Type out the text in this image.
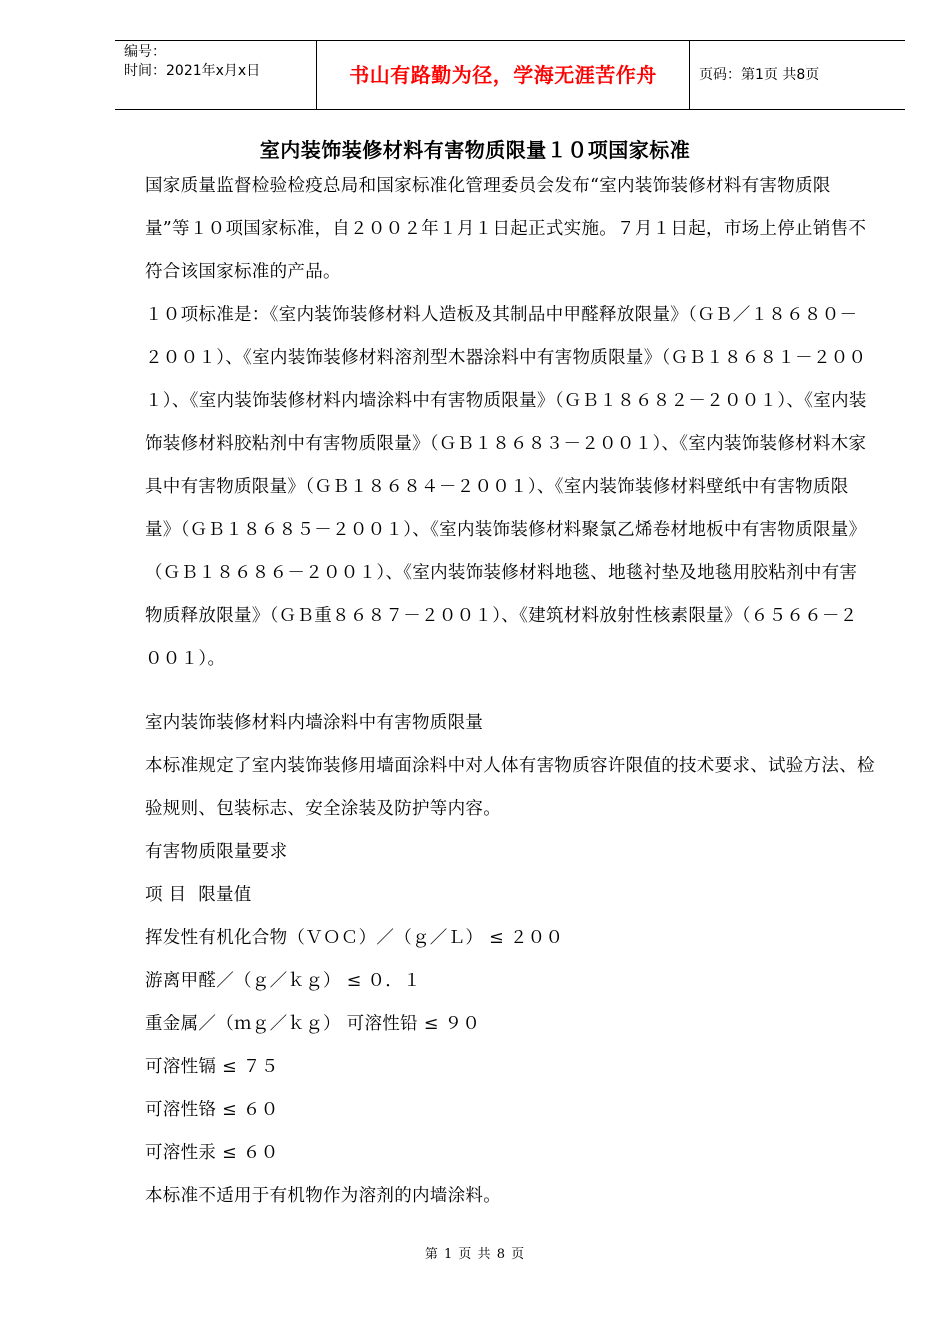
编号：
时间：2021年x月x日	书山有路勤为径，学海无涯苦作舟	页码：第1页 共8页
室内装饰装修材料有害物质限量１０项国家标准

国家质量监督检验检疫总局和国家标准化管理委员会发布“室内装饰装修材料有害物质限量”等１０项国家标准，自２００２年１月１日起正式实施。７月１日起，市场上停止销售不符合该国家标准的产品。

１０项标准是：《室内装饰装修材料人造板及其制品中甲醛释放限量》（ＧＢ／１８６８０－２００１）、《室内装饰装修材料溶剂型木器涂料中有害物质限量》（ＧＢ１８６８１－２００１）、《室内装饰装修材料内墙涂料中有害物质限量》（ＧＢ１８６８２－２００１）、《室内装饰装修材料胶粘剂中有害物质限量》（ＧＢ１８６８３－２００１）、《室内装饰装修材料木家具中有害物质限量》（ＧＢ１８６８４－２００１）、《室内装饰装修材料壁纸中有害物质限量》（ＧＢ１８６８５－２００１）、《室内装饰装修材料聚氯乙烯卷材地板中有害物质限量》（ＧＢ１８６８６－２００１）、《室内装饰装修材料地毯、地毯衬垫及地毯用胶粘剂中有害物质释放限量》（ＧＢ重８６８７－２００１）、《建筑材料放射性核素限量》（６５６６－２００１）。

室内装饰装修材料内墙涂料中有害物质限量
本标准规定了室内装饰装修用墙面涂料中对人体有害物质容许限值的技术要求、试验方法、检验规则、包装标志、安全涂装及防护等内容。
有害物质限量要求
项 目  限量值
挥发性有机化合物（ＶＯＣ）／（ｇ／Ｌ） ≤ ２００
游离甲醛／（ｇ／ｋｇ） ≤ ０．１
重金属／（ｍｇ／ｋｇ） 可溶性铅 ≤ ９０
可溶性镉 ≤ ７５
可溶性铬 ≤ ６０
可溶性汞 ≤ ６０
本标准不适用于有机物作为溶剂的内墙涂料。
第 1 页 共 8 页
